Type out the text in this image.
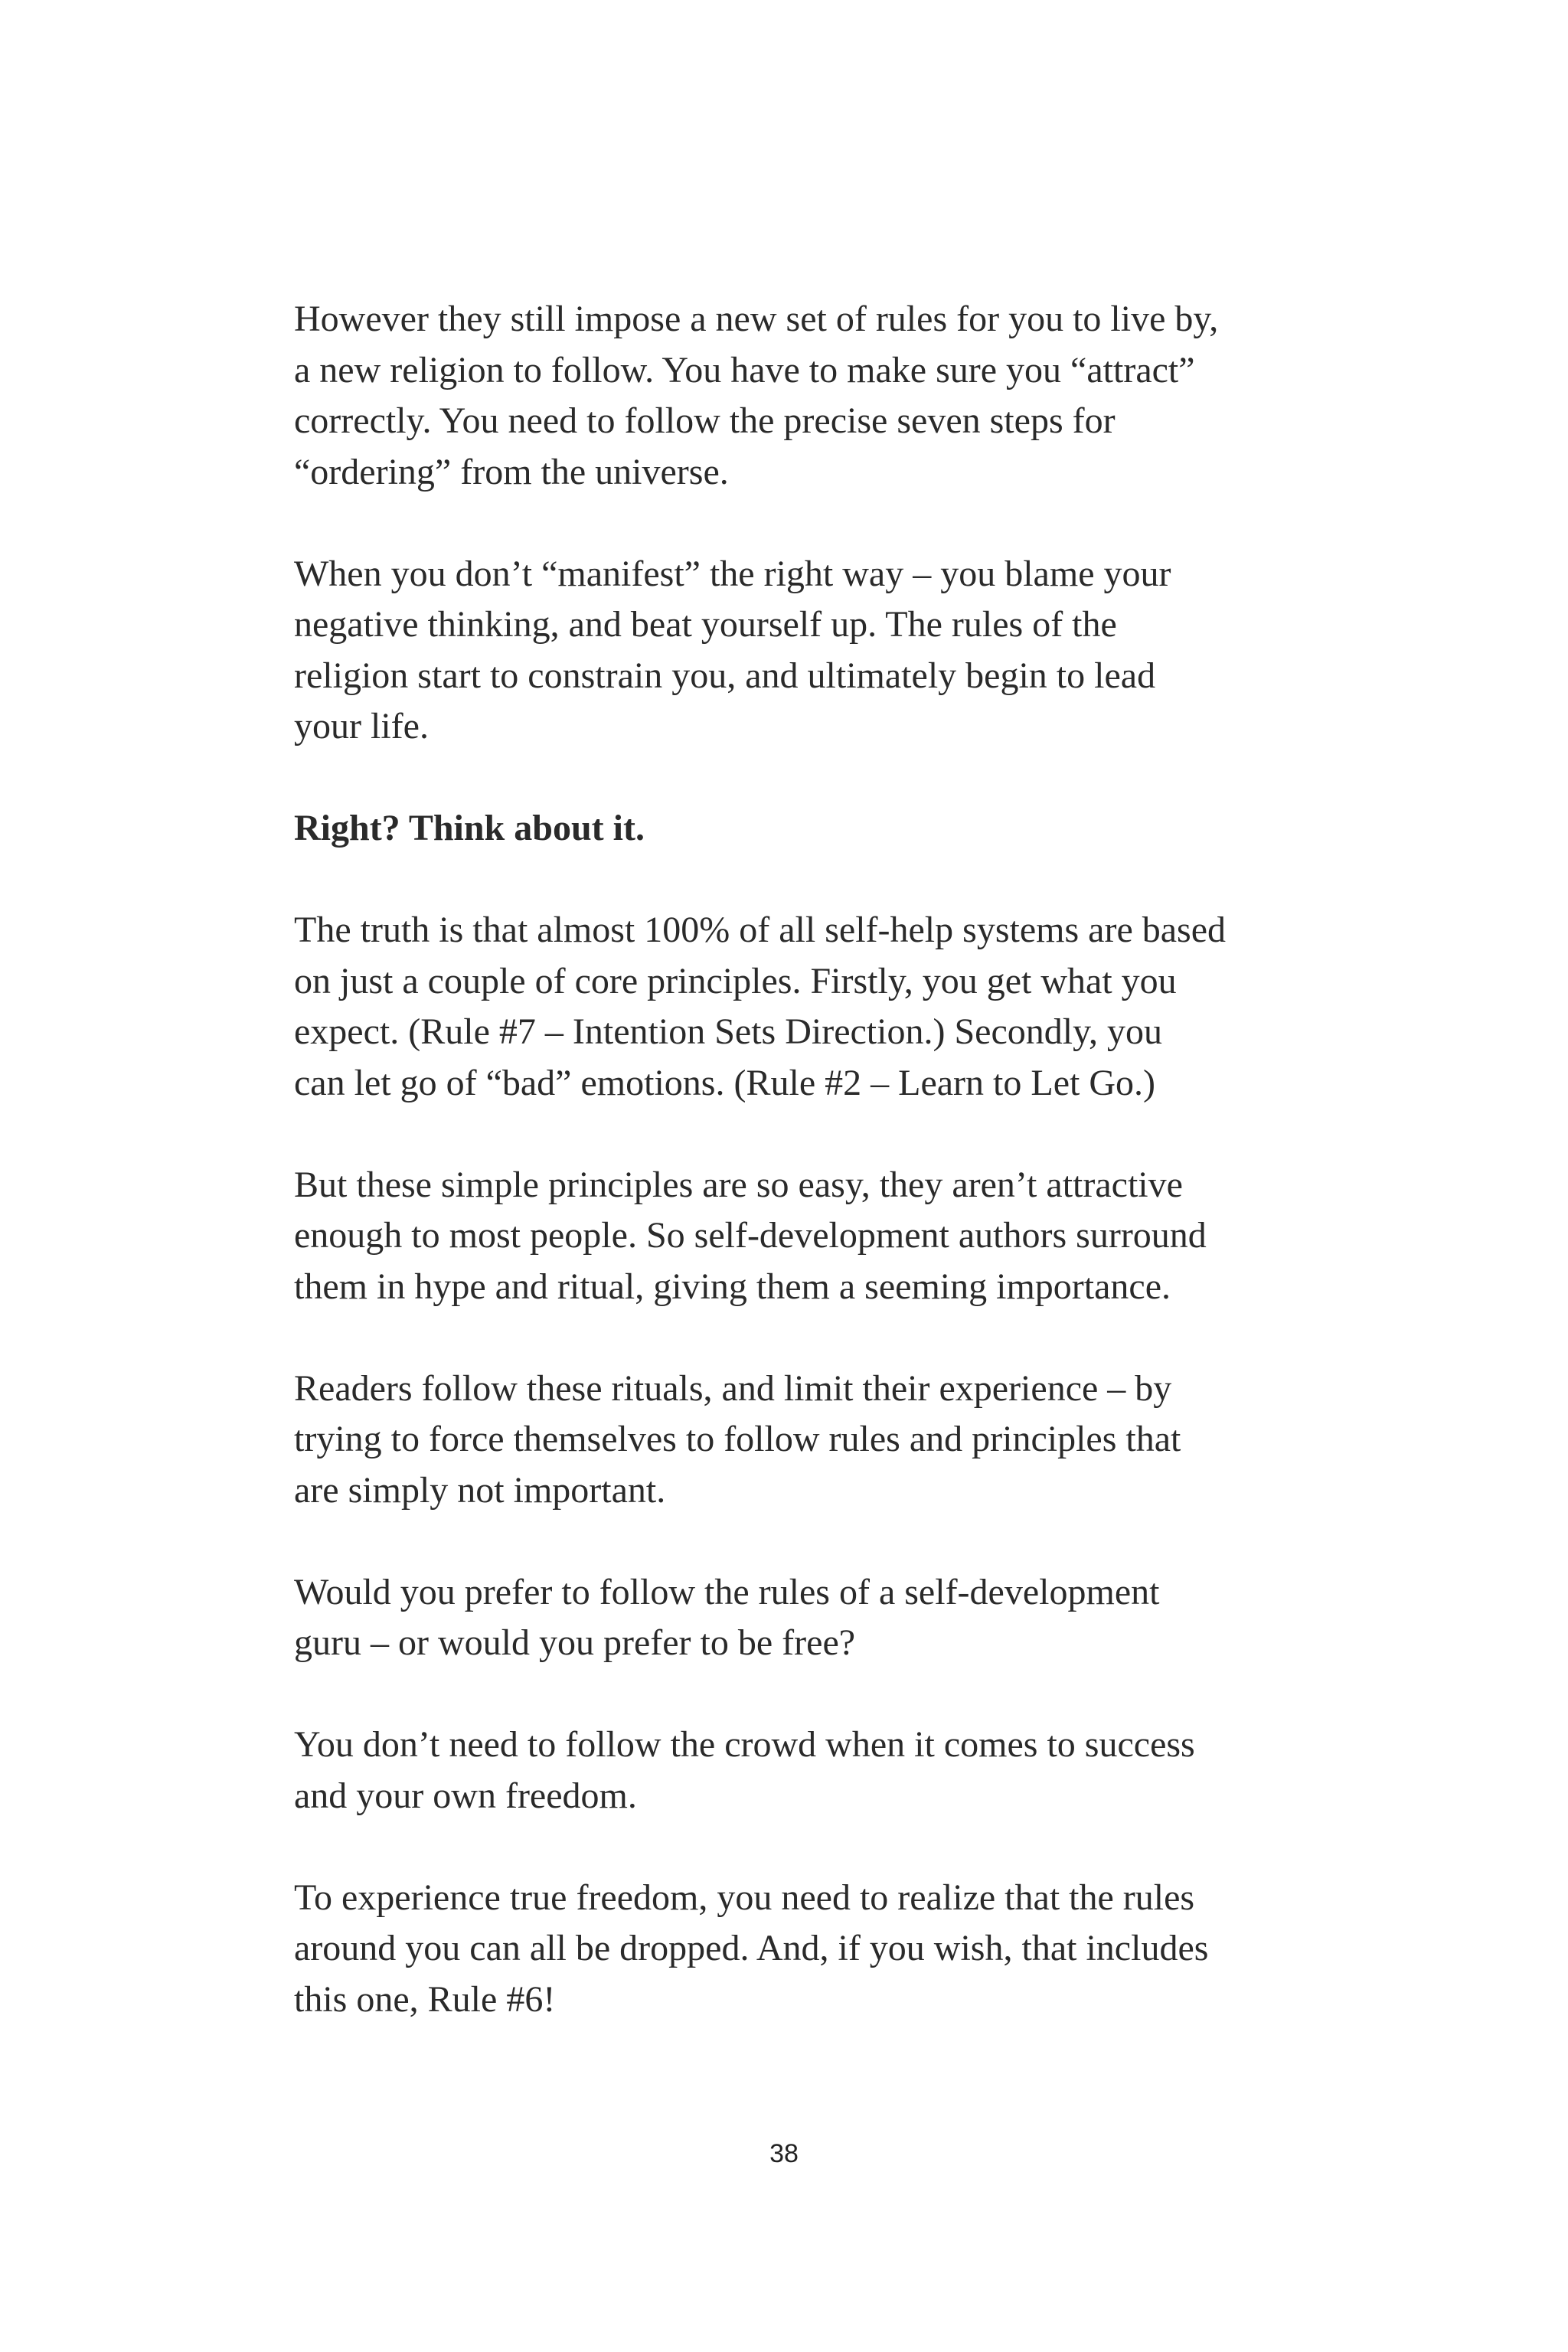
However they still impose a new set of rules for you to live by,
a new religion to follow. You have to make sure you “attract”
correctly. You need to follow the precise seven steps for
“ordering” from the universe.

When you don’t “manifest” the right way – you blame your
negative thinking, and beat yourself up. The rules of the
religion start to constrain you, and ultimately begin to lead
your life.

Right? Think about it.

The truth is that almost 100% of all self-help systems are based
on just a couple of core principles. Firstly, you get what you
expect. (Rule #7 – Intention Sets Direction.) Secondly, you
can let go of “bad” emotions. (Rule #2 – Learn to Let Go.)

But these simple principles are so easy, they aren’t attractive
enough to most people. So self-development authors surround
them in hype and ritual, giving them a seeming importance.

Readers follow these rituals, and limit their experience – by
trying to force themselves to follow rules and principles that
are simply not important.

Would you prefer to follow the rules of a self-development
guru – or would you prefer to be free?

You don’t need to follow the crowd when it comes to success
and your own freedom.

To experience true freedom, you need to realize that the rules
around you can all be dropped. And, if you wish, that includes
this one, Rule #6!

38
